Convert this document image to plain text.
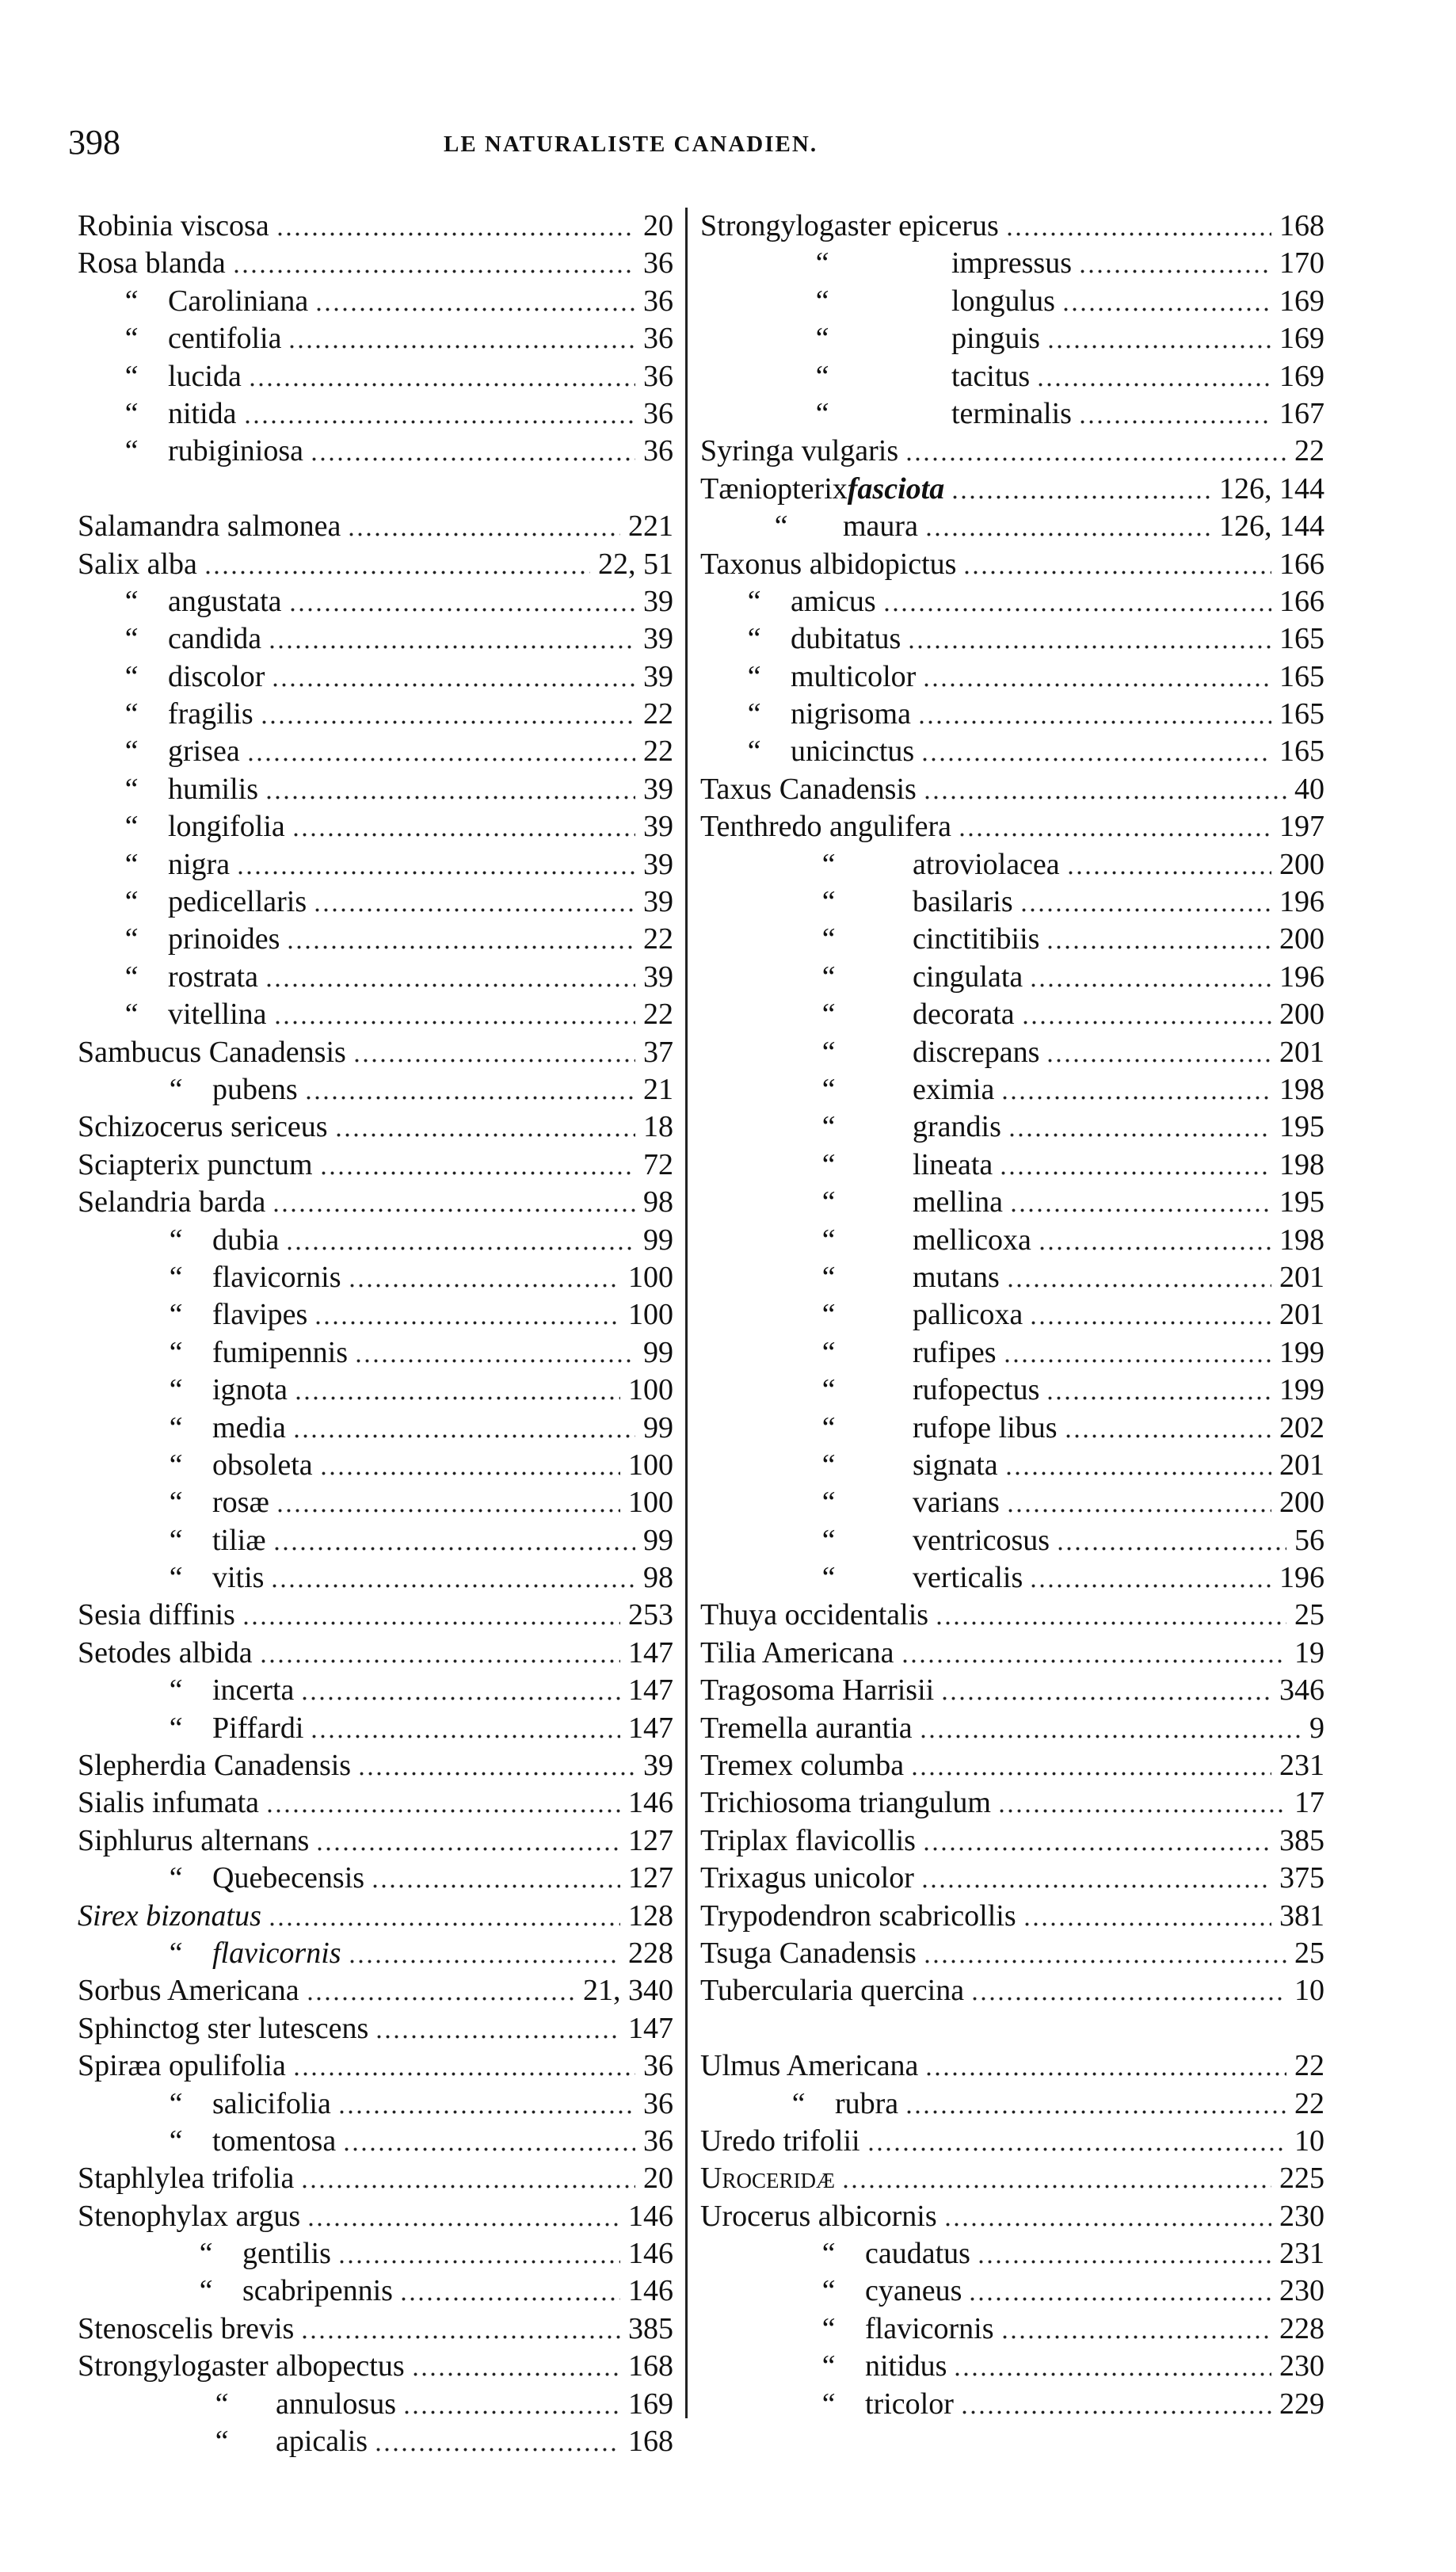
398	LE NATURALISTE CANADIEN.
Robinia viscosa	20
Rosa blanda	36
“ Caroliniana	36
“ centifolia	36
“ lucida	36
“ nitida	36
“ rubiginiosa	36
Salamandra salmonea	221
Salix alba	22, 51
“ angustata	39
“ candida	39
“ discolor	39
“ fragilis	22
“ grisea	22
“ humilis	39
“ longifolia	39
“ nigra	39
“ pedicellaris	39
“ prinoides	22
“ rostrata	39
“ vitellina	22
Sambucus Canadensis	37
“ pubens	21
Schizocerus sericeus	18
Sciapterix punctum	72
Selandria barda	98
“ dubia	99
“ flavicornis	100
“ flavipes	100
“ fumipennis	99
“ ignota	100
“ media	99
“ obsoleta	100
“ rosæ	100
“ tiliæ	99
“ vitis	98
Sesia diffinis	253
Setodes albida	147
“ incerta	147
“ Piffardi	147
Slepherdia Canadensis	39
Sialis infumata	146
Siphlurus alternans	127
“ Quebecensis	127
Sirex bizonatus	128
“ flavicornis	228
Sorbus Americana	21, 340
Sphinctog ster lutescens	147
Spiræa opulifolia	36
“ salicifolia	36
“ tomentosa	36
Staphlylea trifolia	20
Stenophylax argus	146
“ gentilis	146
“ scabripennis	146
Stenoscelis brevis	385
Strongylogaster albopectus	168
“ annulosus	169
“ apicalis	168
Strongylogaster epicerus	168
“	impressus	170
“	longulus	169
“	pinguis	169
“	tacitus	169
“	terminalis	167
Syringa vulgaris	22
Tæniopterixfasciota	126, 144
“ maura	126, 144
Taxonus albidopictus	166
“ amicus	166
“ dubitatus	165
“ multicolor	165
“ nigrisoma	165
“ unicinctus	165
Taxus Canadensis	40
Tenthredo angulifera	197
“	atroviolacea	200
“	basilaris	196
“	cinctitibiis	200
“	cingulata	196
“	decorata	200
“	discrepans	201
“	eximia	198
“	grandis	195
“	lineata	198
“	mellina	195
“	mellicoxa	198
“	mutans	201
“	pallicoxa	201
“	rufipes	199
“	rufopectus	199
“	rufope libus	202
“	signata	201
“	varians	200
“	ventricosus	56
“	verticalis	196
Thuya occidentalis	25
Tilia Americana	19
Tragosoma Harrisii	346
Tremella aurantia	9
Tremex columba	231
Trichiosoma triangulum	17
Triplax flavicollis	385
Trixagus unicolor	375
Trypodendron scabricollis	381
Tsuga Canadensis	25
Tubercularia quercina	10
Ulmus Americana	22
“ rubra	22
Uredo trifolii	10
Uroceridæ	225
Urocerus albicornis	230
“ caudatus	231
“ cyaneus	230
“ flavicornis	228
“ nitidus	230
“ tricolor	229
